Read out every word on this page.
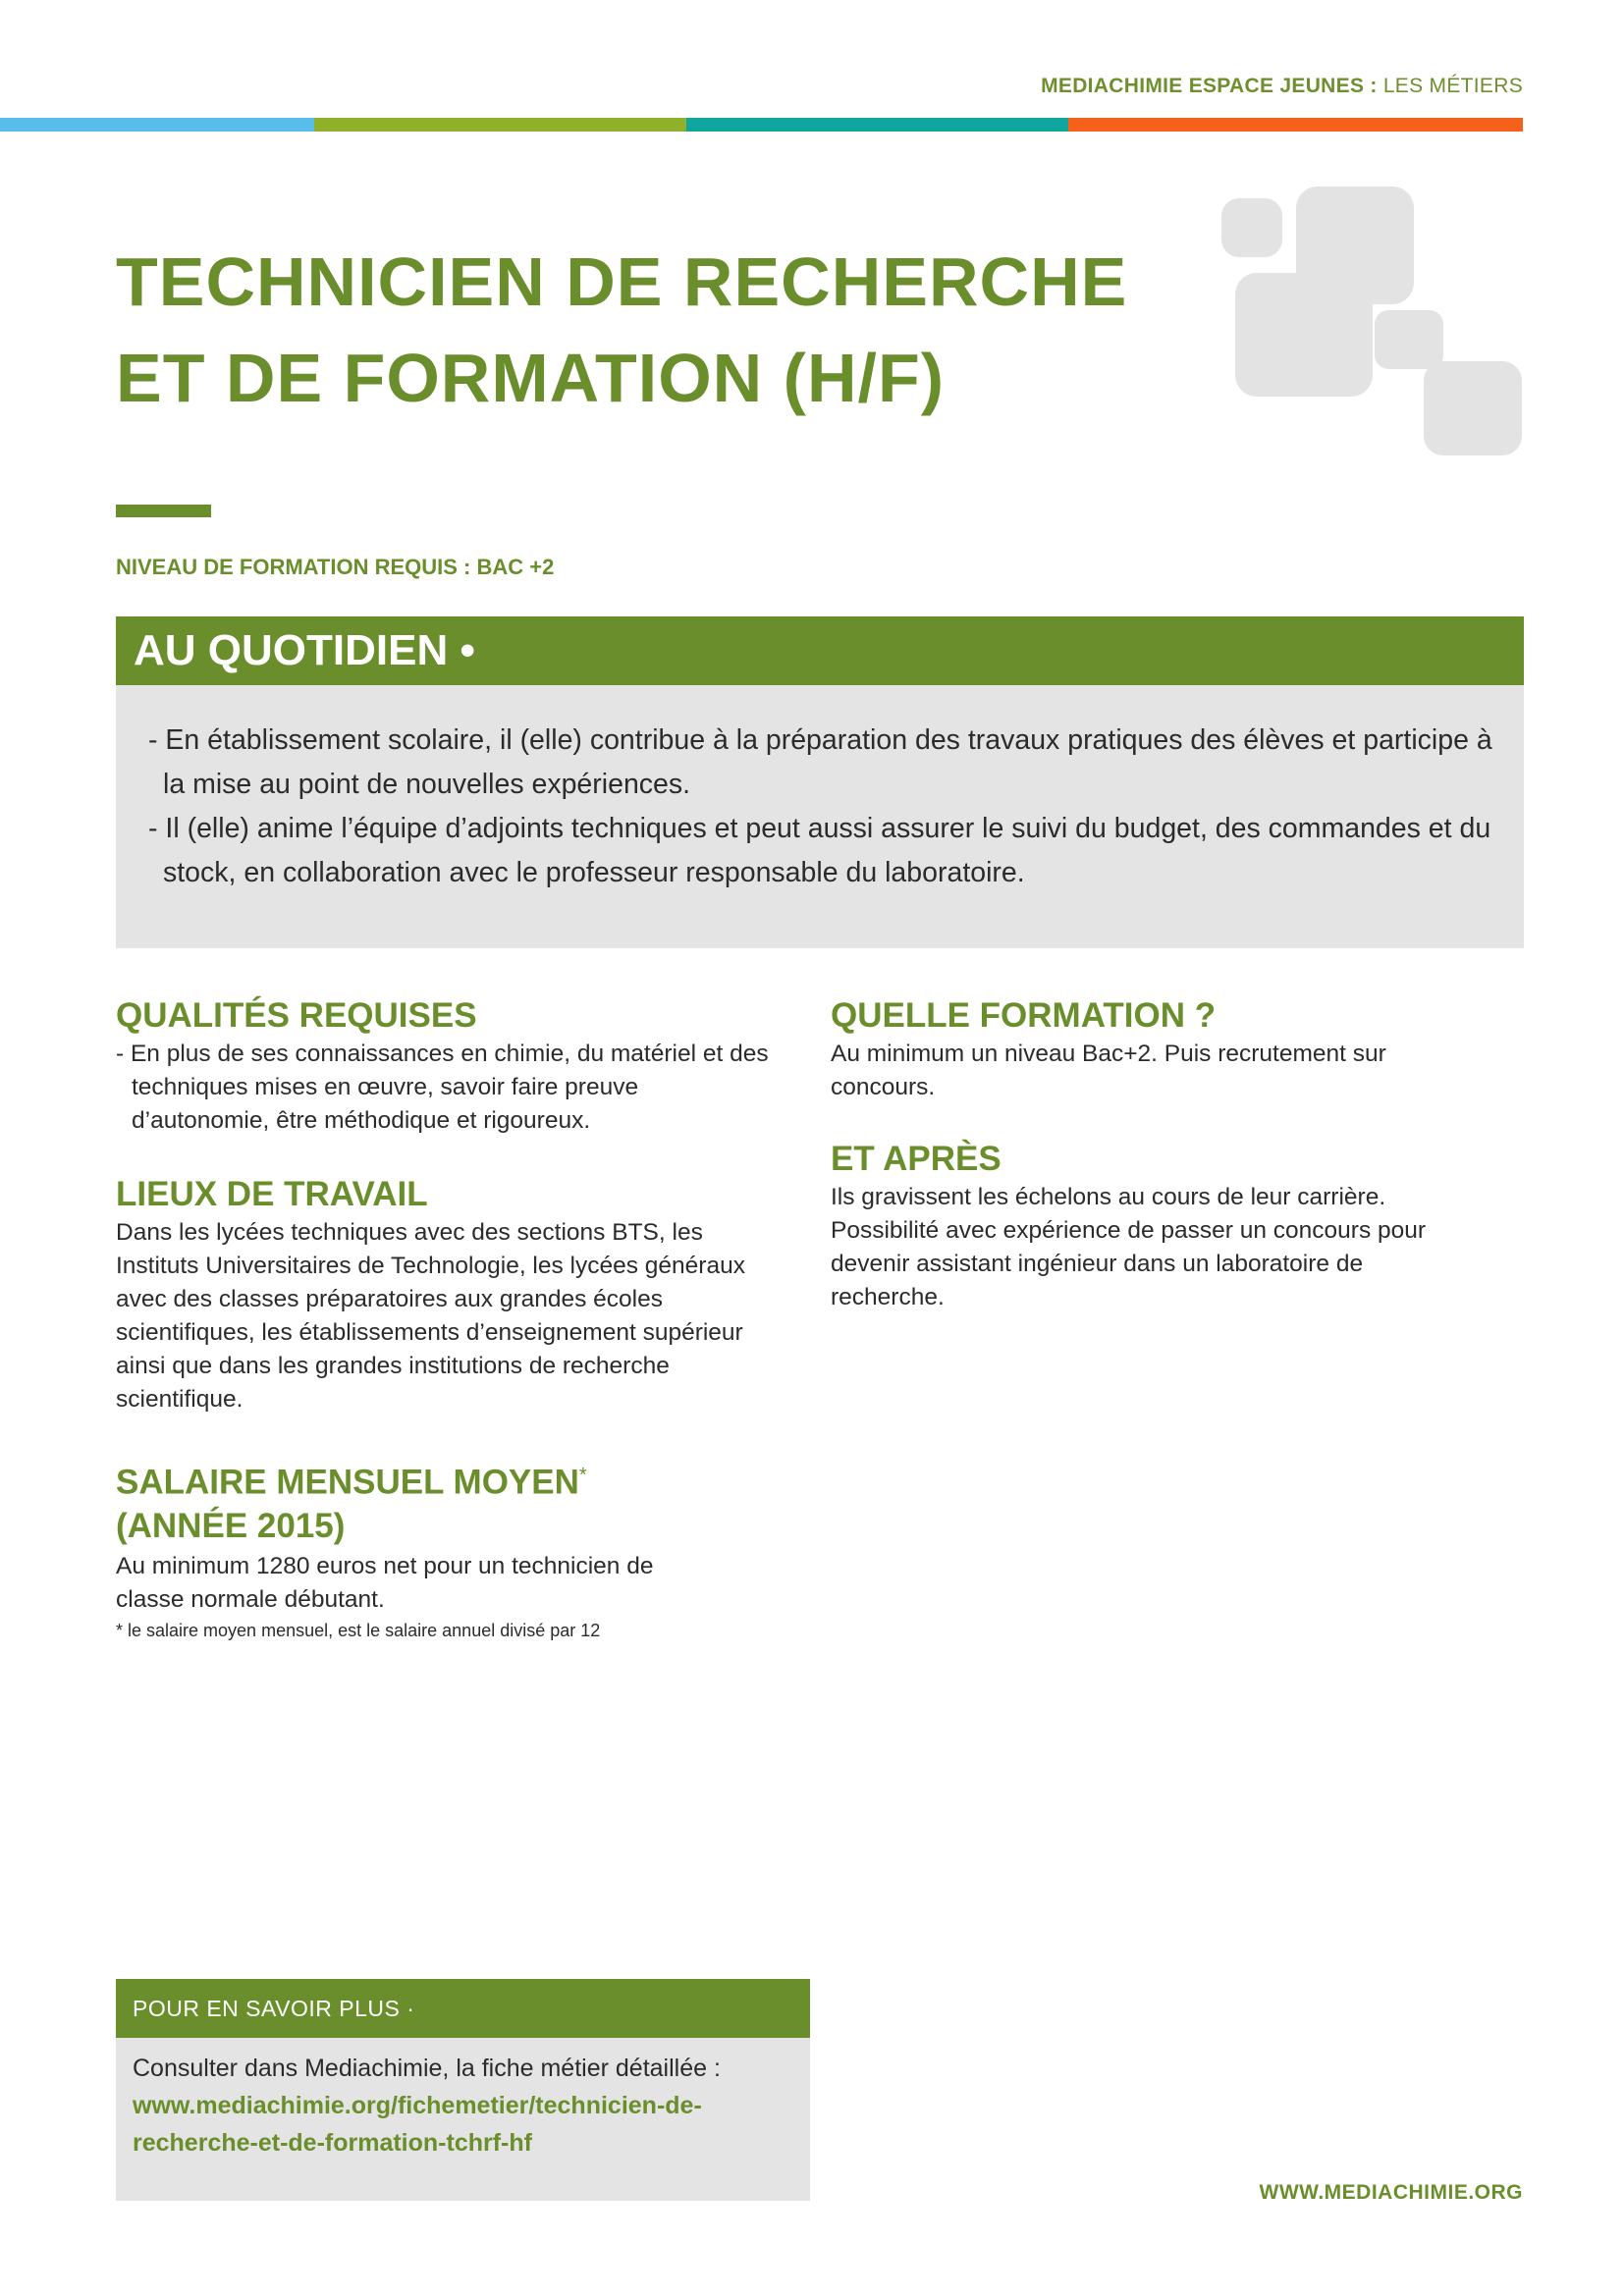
MEDIACHIMIE ESPACE JEUNES : LES MÉTIERS
TECHNICIEN DE RECHERCHE
ET DE FORMATION (H/F)
NIVEAU DE FORMATION REQUIS : BAC +2
AU QUOTIDIEN •

- En établissement scolaire, il (elle) contribue à la préparation des travaux pratiques des élèves et participe à la mise au point de nouvelles expériences.

- Il (elle) anime l’équipe d’adjoints techniques et peut aussi assurer le suivi du budget, des commandes et du stock, en collaboration avec le professeur responsable du laboratoire.

QUALITÉS REQUISES
- En plus de ses connaissances en chimie, du matériel et des techniques mises en œuvre, savoir faire preuve d’autonomie, être méthodique et rigoureux.
LIEUX DE TRAVAIL
Dans les lycées techniques avec des sections BTS, les Instituts Universitaires de Technologie, les lycées généraux avec des classes préparatoires aux grandes écoles scientifiques, les établissements d’enseignement supérieur ainsi que dans les grandes institutions de recherche scientifique.
SALAIRE MENSUEL MOYEN*
(ANNÉE 2015)
Au minimum 1280 euros net pour un technicien de classe normale débutant.
* le salaire moyen mensuel, est le salaire annuel divisé par 12
QUELLE FORMATION ?
Au minimum un niveau Bac+2. Puis recrutement sur concours.
ET APRÈS
Ils gravissent les échelons au cours de leur carrière. Possibilité avec expérience de passer un concours pour devenir assistant ingénieur dans un laboratoire de recherche.
POUR EN SAVOIR PLUS ·
Consulter dans Mediachimie, la fiche métier détaillée :
www.mediachimie.org/fichemetier/technicien-de-recherche-et-de-formation-tchrf-hf
WWW.MEDIACHIMIE.ORG
